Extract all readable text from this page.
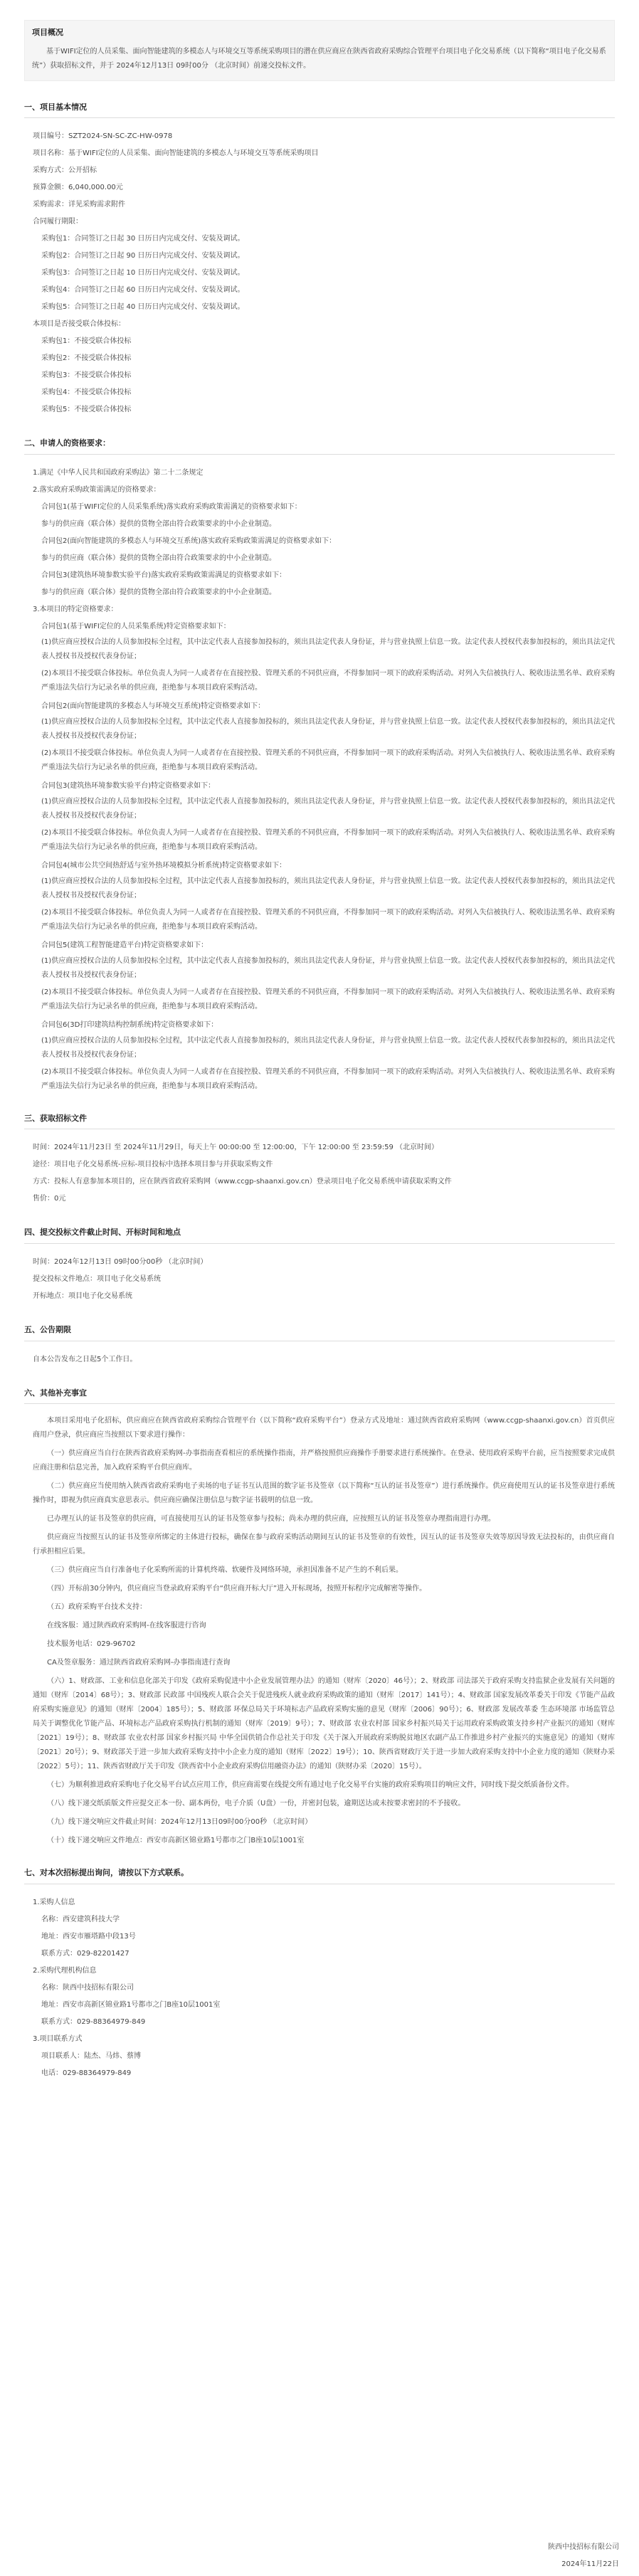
项目概况
基于WIFI定位的人员采集、面向智能建筑的多模态人与环境交互等系统采购项目的潜在供应商应在陕西省政府采购综合管理平台项目电子化交易系统（以下简称“项目电子化交易系统”）获取招标文件，并于 2024年12月13日 09时00分 （北京时间）前递交投标文件。
一、项目基本情况
项目编号：SZT2024-SN-SC-ZC-HW-0978
项目名称：基于WIFI定位的人员采集、面向智能建筑的多模态人与环境交互等系统采购项目
采购方式：公开招标
预算金额：6,040,000.00元
采购需求：详见采购需求附件
合同履行期限：
采购包1：合同签订之日起 30 日历日内完成交付、安装及调试。
采购包2：合同签订之日起 90 日历日内完成交付、安装及调试。
采购包3：合同签订之日起 10 日历日内完成交付、安装及调试。
采购包4：合同签订之日起 60 日历日内完成交付、安装及调试。
采购包5：合同签订之日起 40 日历日内完成交付、安装及调试。
本项目是否接受联合体投标：
采购包1：不接受联合体投标
采购包2：不接受联合体投标
采购包3：不接受联合体投标
采购包4：不接受联合体投标
采购包5：不接受联合体投标
二、申请人的资格要求：
1.满足《中华人民共和国政府采购法》第二十二条规定
2.落实政府采购政策需满足的资格要求：
合同包1(基于WIFI定位的人员采集系统)落实政府采购政策需满足的资格要求如下：
参与的供应商（联合体）提供的货物全部由符合政策要求的中小企业制造。
合同包2(面向智能建筑的多模态人与环境交互系统)落实政府采购政策需满足的资格要求如下：
参与的供应商（联合体）提供的货物全部由符合政策要求的中小企业制造。
合同包3(建筑热环境参数实验平台)落实政府采购政策需满足的资格要求如下：
参与的供应商（联合体）提供的货物全部由符合政策要求的中小企业制造。
3.本项目的特定资格要求：
合同包1(基于WIFI定位的人员采集系统)特定资格要求如下：
(1)供应商应授权合法的人员参加投标全过程，其中法定代表人直接参加投标的，须出具法定代表人身份证，并与营业执照上信息一致。法定代表人授权代表参加投标的，须出具法定代表人授权书及授权代表身份证；
(2)本项目不接受联合体投标。单位负责人为同一人或者存在直接控股、管理关系的不同供应商，不得参加同一项下的政府采购活动。对列入失信被执行人、税收违法黑名单、政府采购严重违法失信行为记录名单的供应商，拒绝参与本项目政府采购活动。
合同包2(面向智能建筑的多模态人与环境交互系统)特定资格要求如下：
(1)供应商应授权合法的人员参加投标全过程，其中法定代表人直接参加投标的，须出具法定代表人身份证，并与营业执照上信息一致。法定代表人授权代表参加投标的，须出具法定代表人授权书及授权代表身份证；
(2)本项目不接受联合体投标。单位负责人为同一人或者存在直接控股、管理关系的不同供应商，不得参加同一项下的政府采购活动。对列入失信被执行人、税收违法黑名单、政府采购严重违法失信行为记录名单的供应商，拒绝参与本项目政府采购活动。
合同包3(建筑热环境参数实验平台)特定资格要求如下：
(1)供应商应授权合法的人员参加投标全过程，其中法定代表人直接参加投标的，须出具法定代表人身份证，并与营业执照上信息一致。法定代表人授权代表参加投标的，须出具法定代表人授权书及授权代表身份证；
(2)本项目不接受联合体投标。单位负责人为同一人或者存在直接控股、管理关系的不同供应商，不得参加同一项下的政府采购活动。对列入失信被执行人、税收违法黑名单、政府采购严重违法失信行为记录名单的供应商，拒绝参与本项目政府采购活动。
合同包4(城市公共空间热舒适与室外热环境模拟分析系统)特定资格要求如下：
(1)供应商应授权合法的人员参加投标全过程，其中法定代表人直接参加投标的，须出具法定代表人身份证，并与营业执照上信息一致。法定代表人授权代表参加投标的，须出具法定代表人授权书及授权代表身份证；
(2)本项目不接受联合体投标。单位负责人为同一人或者存在直接控股、管理关系的不同供应商，不得参加同一项下的政府采购活动。对列入失信被执行人、税收违法黑名单、政府采购严重违法失信行为记录名单的供应商，拒绝参与本项目政府采购活动。
合同包5(建筑工程智能建造平台)特定资格要求如下：
(1)供应商应授权合法的人员参加投标全过程，其中法定代表人直接参加投标的，须出具法定代表人身份证，并与营业执照上信息一致。法定代表人授权代表参加投标的，须出具法定代表人授权书及授权代表身份证；
(2)本项目不接受联合体投标。单位负责人为同一人或者存在直接控股、管理关系的不同供应商，不得参加同一项下的政府采购活动。对列入失信被执行人、税收违法黑名单、政府采购严重违法失信行为记录名单的供应商，拒绝参与本项目政府采购活动。
合同包6(3D打印建筑结构控制系统)特定资格要求如下：
(1)供应商应授权合法的人员参加投标全过程，其中法定代表人直接参加投标的，须出具法定代表人身份证，并与营业执照上信息一致。法定代表人授权代表参加投标的，须出具法定代表人授权书及授权代表身份证；
(2)本项目不接受联合体投标。单位负责人为同一人或者存在直接控股、管理关系的不同供应商，不得参加同一项下的政府采购活动。对列入失信被执行人、税收违法黑名单、政府采购严重违法失信行为记录名单的供应商，拒绝参与本项目政府采购活动。
三、获取招标文件
时间：2024年11月23日 至 2024年11月29日，每天上午 00:00:00 至 12:00:00，下午 12:00:00 至 23:59:59 （北京时间）
途径：项目电子化交易系统-应标-项目投标中选择本项目参与并获取采购文件
方式：投标人有意参加本项目的，应在陕西省政府采购网（www.ccgp-shaanxi.gov.cn）登录项目电子化交易系统申请获取采购文件
售价：0元
四、提交投标文件截止时间、开标时间和地点
时间：2024年12月13日 09时00分00秒 （北京时间）
提交投标文件地点：项目电子化交易系统
开标地点：项目电子化交易系统
五、公告期限
自本公告发布之日起5个工作日。
六、其他补充事宜
本项目采用电子化招标，供应商应在陕西省政府采购综合管理平台（以下简称“政府采购平台”）登录方式及地址：通过陕西省政府采购网（www.ccgp-shaanxi.gov.cn）首页供应商用户登录，供应商应当按照以下要求进行操作：
（一）供应商应当自行在陕西省政府采购网-办事指南查看相应的系统操作指南，并严格按照供应商操作手册要求进行系统操作。在登录、使用政府采购平台前，应当按照要求完成供应商注册和信息完善，加入政府采购平台供应商库。
（二）供应商应当使用纳入陕西省政府采购电子卖场的电子证书互认范围的数字证书及签章（以下简称“互认的证书及签章”）进行系统操作。供应商使用互认的证书及签章进行系统操作时，即视为供应商真实意思表示。供应商应确保注册信息与数字证书载明的信息一致。
已办理互认的证书及签章的供应商，可直接使用互认的证书及签章参与投标；尚未办理的供应商，应按照互认的证书及签章办理指南进行办理。
供应商应当按照互认的证书及签章所绑定的主体进行投标，确保在参与政府采购活动期间互认的证书及签章的有效性，因互认的证书及签章失效等原因导致无法投标的，由供应商自行承担相应后果。
（三）供应商应当自行准备电子化采购所需的计算机终端、软硬件及网络环境，承担因准备不足产生的不利后果。
（四）开标前30分钟内，供应商应当登录政府采购平台“供应商开标大厅”进入开标现场，按照开标程序完成解密等操作。
（五）政府采购平台技术支持：
在线客服：通过陕西政府采购网-在线客服进行咨询
技术服务电话：029-96702
CA及签章服务：通过陕西省政府采购网-办事指南进行查询
（六）1、财政部、工业和信息化部关于印发《政府采购促进中小企业发展管理办法》的通知（财库〔2020〕46号）；2、财政部 司法部关于政府采购支持监狱企业发展有关问题的通知（财库〔2014〕68号）；3、财政部 民政部 中国残疾人联合会关于促进残疾人就业政府采购政策的通知（财库〔2017〕141号）；4、财政部 国家发展改革委关于印发《节能产品政府采购实施意见》的通知（财库〔2004〕185号）；5、财政部 环保总局关于环境标志产品政府采购实施的意见（财库〔2006〕90号）；6、财政部 发展改革委 生态环境部 市场监管总局关于调整优化节能产品、环境标志产品政府采购执行机制的通知（财库〔2019〕9号）；7、财政部 农业农村部 国家乡村振兴局关于运用政府采购政策支持乡村产业振兴的通知（财库〔2021〕19号）；8、财政部 农业农村部 国家乡村振兴局 中华全国供销合作总社关于印发《关于深入开展政府采购脱贫地区农副产品工作推进乡村产业振兴的实施意见》的通知（财库〔2021〕20号）；9、财政部关于进一步加大政府采购支持中小企业力度的通知（财库〔2022〕19号）；10、陕西省财政厅关于进一步加大政府采购支持中小企业力度的通知（陕财办采〔2022〕5号）；11、陕西省财政厅关于印发《陕西省中小企业政府采购信用融资办法》的通知（陕财办采〔2020〕15号）。
（七）为顺利推进政府采购电子化交易平台试点应用工作，供应商需要在线提交所有通过电子化交易平台实施的政府采购项目的响应文件，同时线下提交纸质备份文件。
（八）线下递交纸质版文件应提交正本一份、副本两份，电子介质（U盘）一份，并密封包装，逾期送达或未按要求密封的不予接收。
（九）线下递交响应文件截止时间：2024年12月13日09时00分00秒 （北京时间）
（十）线下递交响应文件地点：西安市高新区锦业路1号都市之门B座10层1001室
七、对本次招标提出询问，请按以下方式联系。
1.采购人信息
名称：西安建筑科技大学
地址：西安市雁塔路中段13号
联系方式：029-82201427
2.采购代理机构信息
名称：陕西中技招标有限公司
地址：西安市高新区锦业路1号都市之门B座10层1001室
联系方式：029-88364979-849
3.项目联系方式
项目联系人：陆杰、马炜、蔡博
电话：029-88364979-849
陕西中技招标有限公司
2024年11月22日
